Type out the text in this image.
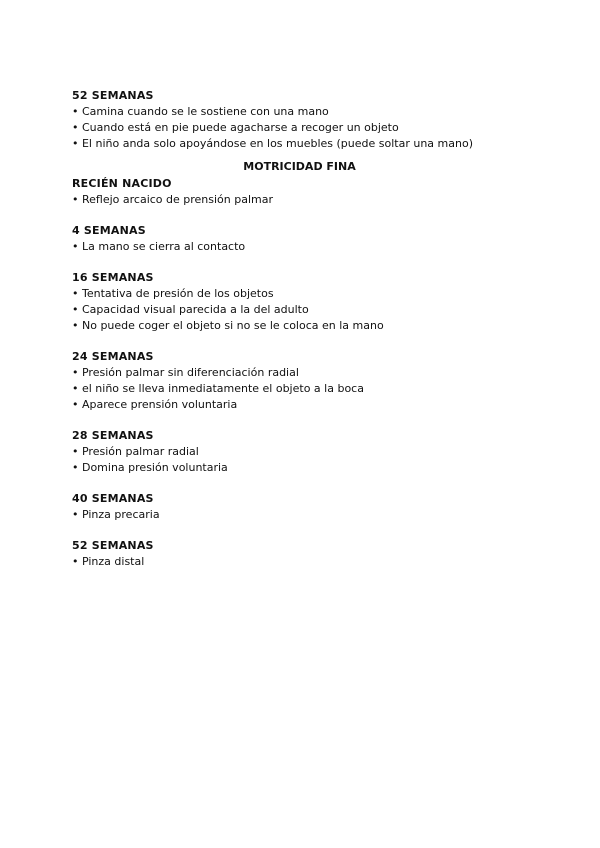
52 SEMANAS
• Camina cuando se le sostiene con una mano
• Cuando está en pie puede agacharse a recoger un objeto
• El niño anda solo apoyándose en los muebles (puede soltar una mano)
MOTRICIDAD FINA
RECIÉN NACIDO
• Reflejo arcaico de prensión palmar
4 SEMANAS
• La mano se cierra al contacto
16 SEMANAS
• Tentativa de presión de los objetos
• Capacidad visual parecida a la del adulto
• No puede coger el objeto si no se le coloca en la mano
24 SEMANAS
• Presión palmar sin diferenciación radial
• el niño se lleva inmediatamente el objeto a la boca
• Aparece prensión voluntaria
28 SEMANAS
• Presión palmar radial
• Domina presión voluntaria
40 SEMANAS
• Pinza precaria
52 SEMANAS
• Pinza distal
